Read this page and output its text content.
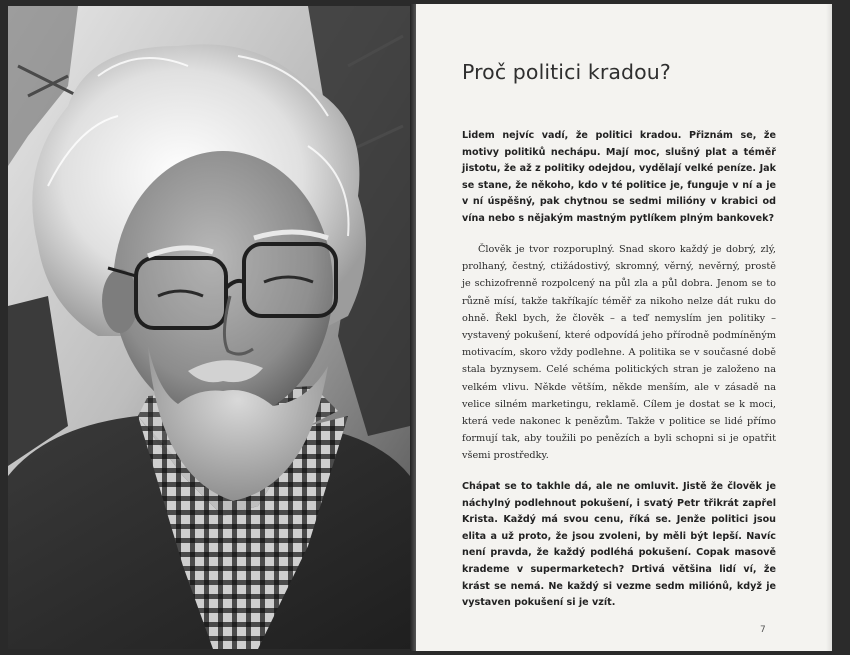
Proč politici kradou?

Lidem nejvíc vadí, že politici kradou. Přiznám se, že motivy politiků nechápu. Mají moc, slušný plat a téměř jistotu, že až z politiky odejdou, vydělají velké peníze. Jak se stane, že někoho, kdo v té politice je, funguje v ní a je v ní úspěšný, pak chytnou se sedmi milióny v krabici od vína nebo s nějakým mastným pytlíkem plným bankovek?

Člověk je tvor rozporuplný. Snad skoro každý je dobrý, zlý, prolhaný, čestný, ctižádostivý, skromný, věrný, nevěrný, prostě je schizofrenně rozpolcený na půl zla a půl dobra. Jenom se to různě mísí, takže takříkajíc téměř za nikoho nelze dát ruku do ohně. Řekl bych, že člověk – a teď nemyslím jen politiky – vystavený pokušení, které odpovídá jeho přírodně podmíněným motivacím, skoro vždy podlehne. A politika se v současné době stala byznysem. Celé schéma politických stran je založeno na velkém vlivu. Někde větším, někde menším, ale v zásadě na velice silném marketingu, reklamě. Cílem je dostat se k moci, která vede nakonec k penězům. Takže v politice se lidé přímo formují tak, aby toužili po penězích a byli schopni si je opatřit všemi prostředky.

Chápat se to takhle dá, ale ne omluvit. Jistě že člověk je náchylný podlehnout pokušení, i svatý Petr třikrát zapřel Krista. Každý má svou cenu, říká se. Jenže politici jsou elita a už proto, že jsou zvoleni, by měli být lepší. Navíc není pravda, že každý podléhá pokušení. Copak masově krademe v supermarketech? Drtivá většina lidí ví, že krást se nemá. Ne každý si vezme sedm miliónů, když je vystaven pokušení si je vzít.

7
